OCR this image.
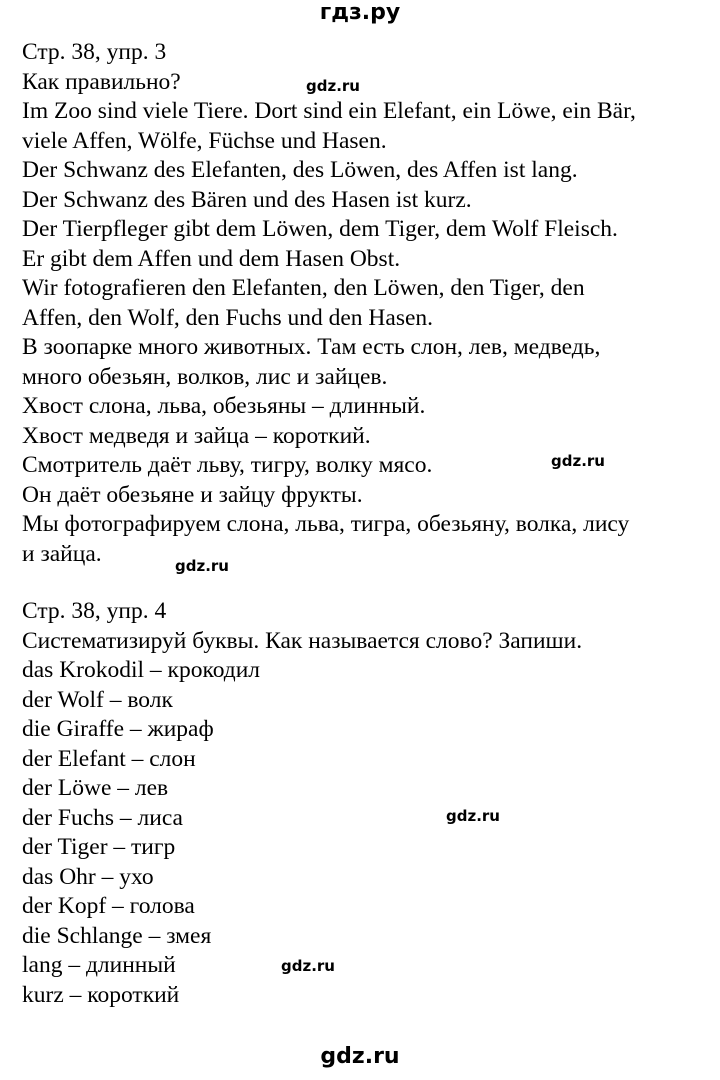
гдз.ру
Стр. 38, упр. 3
Как правильно?
Im Zoo sind viele Tiere. Dort sind ein Elefant, ein Löwe, ein Bär,
viele Affen, Wölfe, Füchse und Hasen.
Der Schwanz des Elefanten, des Löwen, des Affen ist lang.
Der Schwanz des Bären und des Hasen ist kurz.
Der Tierpfleger gibt dem Löwen, dem Tiger, dem Wolf Fleisch.
Er gibt dem Affen und dem Hasen Obst.
Wir fotografieren den Elefanten, den Löwen, den Tiger, den
Affen, den Wolf, den Fuchs und den Hasen.
В зоопарке много животных. Там есть слон, лев, медведь,
много обезьян, волков, лис и зайцев.
Хвост слона, льва, обезьяны – длинный.
Хвост медведя и зайца – короткий.
Смотритель даёт льву, тигру, волку мясо.
Он даёт обезьяне и зайцу фрукты.
Мы фотографируем слона, льва, тигра, обезьяну, волка, лису
и зайца.
Стр. 38, упр. 4
Систематизируй буквы. Как называется слово? Запиши.
das Krokodil – крокодил
der Wolf – волк
die Giraffe – жираф
der Elefant – слон
der Löwe – лев
der Fuchs – лиса
der Tiger – тигр
das Ohr – ухо
der Kopf – голова
die Schlange – змея
lang – длинный
kurz – короткий
gdz.ru
gdz.ru
gdz.ru
gdz.ru
gdz.ru
gdz.ru
